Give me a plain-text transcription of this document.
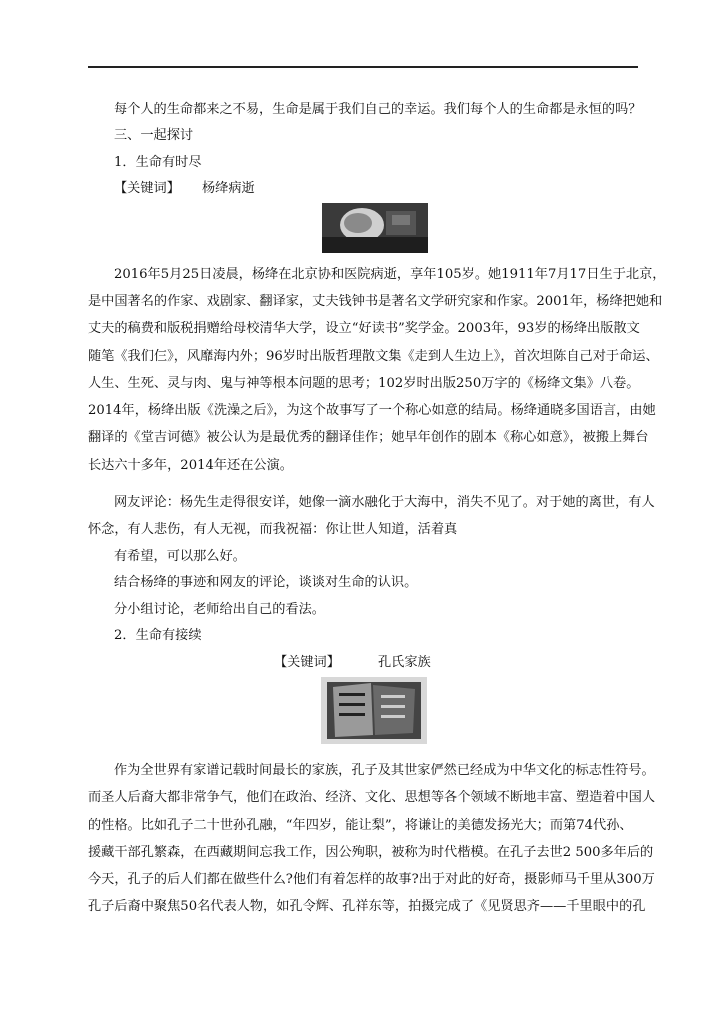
每个人的生命都来之不易，生命是属于我们自己的幸运。我们每个人的生命都是永恒的吗？
三、一起探讨
1．生命有时尽
【关键词】 杨绛病逝
2016年5月25日凌晨，杨绛在北京协和医院病逝，享年105岁。她1911年7月17日生于北京，
是中国著名的作家、戏剧家、翻译家，丈夫钱钟书是著名文学研究家和作家。2001年，杨绛把她和
丈夫的稿费和版税捐赠给母校清华大学，设立“好读书”奖学金。2003年，93岁的杨绛出版散文
随笔《我们仨》，风靡海内外；96岁时出版哲理散文集《走到人生边上》，首次坦陈自己对于命运、
人生、生死、灵与肉、鬼与神等根本问题的思考；102岁时出版250万字的《杨绛文集》八卷。
2014年，杨绛出版《洗澡之后》，为这个故事写了一个称心如意的结局。杨绛通晓多国语言，由她
翻译的《堂吉诃德》被公认为是最优秀的翻译佳作；她早年创作的剧本《称心如意》，被搬上舞台
长达六十多年，2014年还在公演。
网友评论：杨先生走得很安详，她像一滴水融化于大海中，消失不见了。对于她的离世，有人
怀念，有人悲伤，有人无视，而我祝福：你让世人知道，活着真
有希望，可以那么好。
结合杨绛的事迹和网友的评论，谈谈对生命的认识。
分小组讨论，老师给出自己的看法。
2．生命有接续
【关键词】	孔氏家族
作为全世界有家谱记载时间最长的家族，孔子及其世家俨然已经成为中华文化的标志性符号。
而圣人后裔大都非常争气，他们在政治、经济、文化、思想等各个领域不断地丰富、塑造着中国人
的性格。比如孔子二十世孙孔融，“年四岁，能让梨”，将谦让的美德发扬光大；而第74代孙、
援藏干部孔繁森，在西藏期间忘我工作，因公殉职，被称为时代楷模。在孔子去世2 500多年后的
今天，孔子的后人们都在做些什么?他们有着怎样的故事?出于对此的好奇，摄影师马千里从300万
孔子后裔中聚焦50名代表人物，如孔令辉、孔祥东等，拍摄完成了《见贤思齐——千里眼中的孔
